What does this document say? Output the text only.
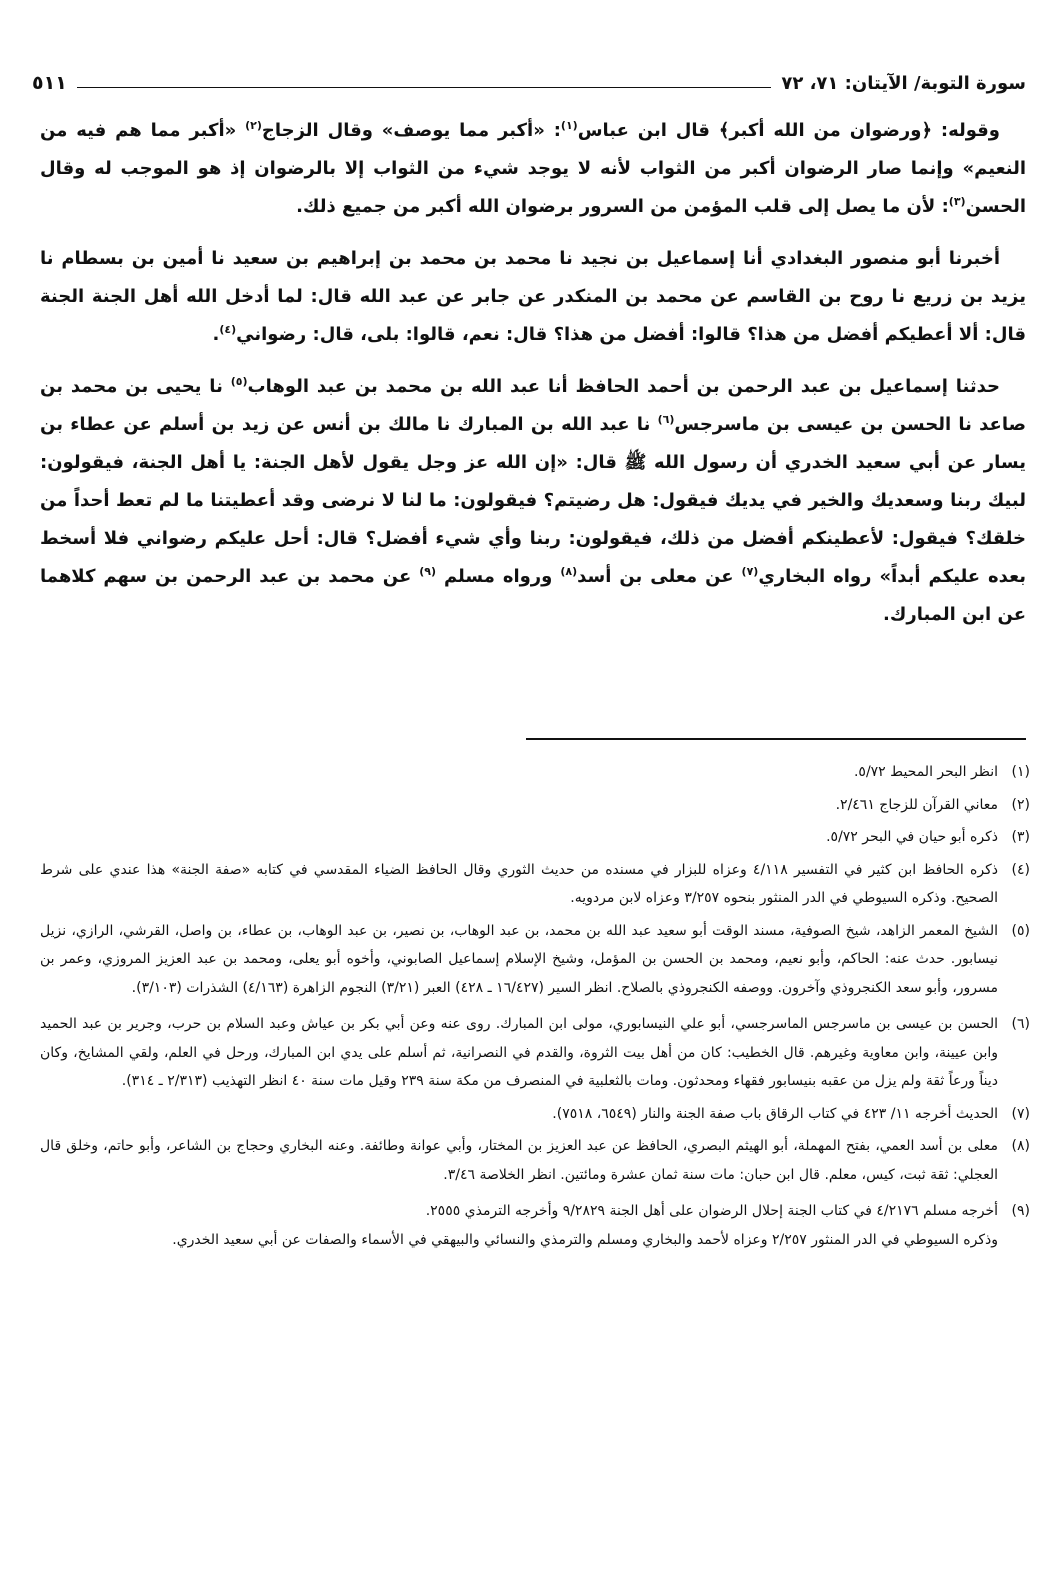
سورة التوبة/ الآيتان: ٧١، ٧٢
٥١١

وقوله: ﴿ورضوان من الله أكبر﴾ قال ابن عباس$^{(١)}$: «أكبر مما يوصف» وقال الزجاج$^{(٢)}$ «أكبر مما هم فيه من النعيم» وإنما صار الرضوان أكبر من الثواب لأنه لا يوجد شيء من الثواب إلا بالرضوان إذ هو الموجب له وقال الحسن$^{(٣)}$: لأن ما يصل إلى قلب المؤمن من السرور برضوان الله أكبر من جميع ذلك.

أخبرنا أبو منصور البغدادي أنا إسماعيل بن نجيد نا محمد بن محمد بن إبراهيم بن سعيد نا أمين بن بسطام نا يزيد بن زريع نا روح بن القاسم عن محمد بن المنكدر عن جابر عن عبد الله قال: لما أدخل الله أهل الجنة الجنة قال: ألا أعطيكم أفضل من هذا؟ قالوا: أفضل من هذا؟ قال: نعم، قالوا: بلى، قال: رضواني$^{(٤)}$.

حدثنا إسماعيل بن عبد الرحمن بن أحمد الحافظ أنا عبد الله بن محمد بن عبد الوهاب$^{(٥)}$ نا يحيى بن محمد بن صاعد نا الحسن بن عيسى بن ماسرجس$^{(٦)}$ نا عبد الله بن المبارك نا مالك بن أنس عن زيد بن أسلم عن عطاء بن يسار عن أبي سعيد الخدري أن رسول الله ﷺ قال: «إن الله عز وجل يقول لأهل الجنة: يا أهل الجنة، فيقولون: لبيك ربنا وسعديك والخير في يديك فيقول: هل رضيتم؟ فيقولون: ما لنا لا نرضى وقد أعطيتنا ما لم تعط أحداً من خلقك؟ فيقول: لأعطينكم أفضل من ذلك، فيقولون: ربنا وأي شيء أفضل؟ قال: أحل عليكم رضواني فلا أسخط بعده عليكم أبداً» رواه البخاري$^{(٧)}$ عن معلى بن أسد$^{(٨)}$ ورواه مسلم $^{(٩)}$ عن محمد بن عبد الرحمن بن سهم كلاهما عن ابن المبارك.

(١)
انظر البحر المحيط ٥/٧٢.
(٢)
معاني القرآن للزجاج ٢/٤٦١.
(٣)
ذكره أبو حيان في البحر ٥/٧٢.
(٤)
ذكره الحافظ ابن كثير في التفسير ٤/١١٨ وعزاه للبزار في مسنده من حديث الثوري وقال الحافظ الضياء المقدسي في كتابه «صفة الجنة» هذا عندي على شرط الصحيح. وذكره السيوطي في الدر المنثور بنحوه ٣/٢٥٧ وعزاه لابن مردويه.
(٥)
الشيخ المعمر الزاهد، شيخ الصوفية، مسند الوقت أبو سعيد عبد الله بن محمد، بن عبد الوهاب، بن نصير، بن عبد الوهاب، بن عطاء، بن واصل، القرشي، الرازي، نزيل نيسابور. حدث عنه: الحاكم، وأبو نعيم، ومحمد بن الحسن بن المؤمل، وشيخ الإسلام إسماعيل الصابوني، وأخوه أبو يعلى، ومحمد بن عبد العزيز المروزي، وعمر بن مسرور، وأبو سعد الكنجروذي وآخرون. ووصفه الكنجروذي بالصلاح. انظر السير (١٦/٤٢٧ ـ ٤٢٨) العبر (٣/٢١) النجوم الزاهرة (٤/١٦٣) الشذرات (٣/١٠٣).
(٦)
الحسن بن عيسى بن ماسرجس الماسرجسي، أبو علي النيسابوري، مولى ابن المبارك. روى عنه وعن أبي بكر بن عياش وعبد السلام بن حرب، وجرير بن عبد الحميد وابن عيينة، وابن معاوية وغيرهم. قال الخطيب: كان من أهل بيت الثروة، والقدم في النصرانية، ثم أسلم على يدي ابن المبارك، ورحل في العلم، ولقي المشايخ، وكان ديناً ورعاً ثقة ولم يزل من عقبه بنيسابور فقهاء ومحدثون. ومات بالثعلبية في المنصرف من مكة سنة ٢٣٩ وقيل مات سنة ٤٠ انظر التهذيب (٢/٣١٣ ـ ٣١٤).
(٧)
الحديث أخرجه ١١/ ٤٢٣ في كتاب الرقاق باب صفة الجنة والنار (٦٥٤٩، ٧٥١٨).
(٨)
معلى بن أسد العمي، بفتح المهملة، أبو الهيثم البصري، الحافظ عن عبد العزيز بن المختار، وأبي عوانة وطائفة. وعنه البخاري وحجاج بن الشاعر، وأبو حاتم، وخلق قال العجلي: ثقة ثبت، كيس، معلم. قال ابن حبان: مات سنة ثمان عشرة ومائتين. انظر الخلاصة ٣/٤٦.
(٩)
أخرجه مسلم ٤/٢١٧٦ في كتاب الجنة إحلال الرضوان على أهل الجنة ٩/٢٨٢٩ وأخرجه الترمذي ٢٥٥٥.
وذكره السيوطي في الدر المنثور ٢/٢٥٧ وعزاه لأحمد والبخاري ومسلم والترمذي والنسائي والبيهقي في الأسماء والصفات عن أبي سعيد الخدري.
